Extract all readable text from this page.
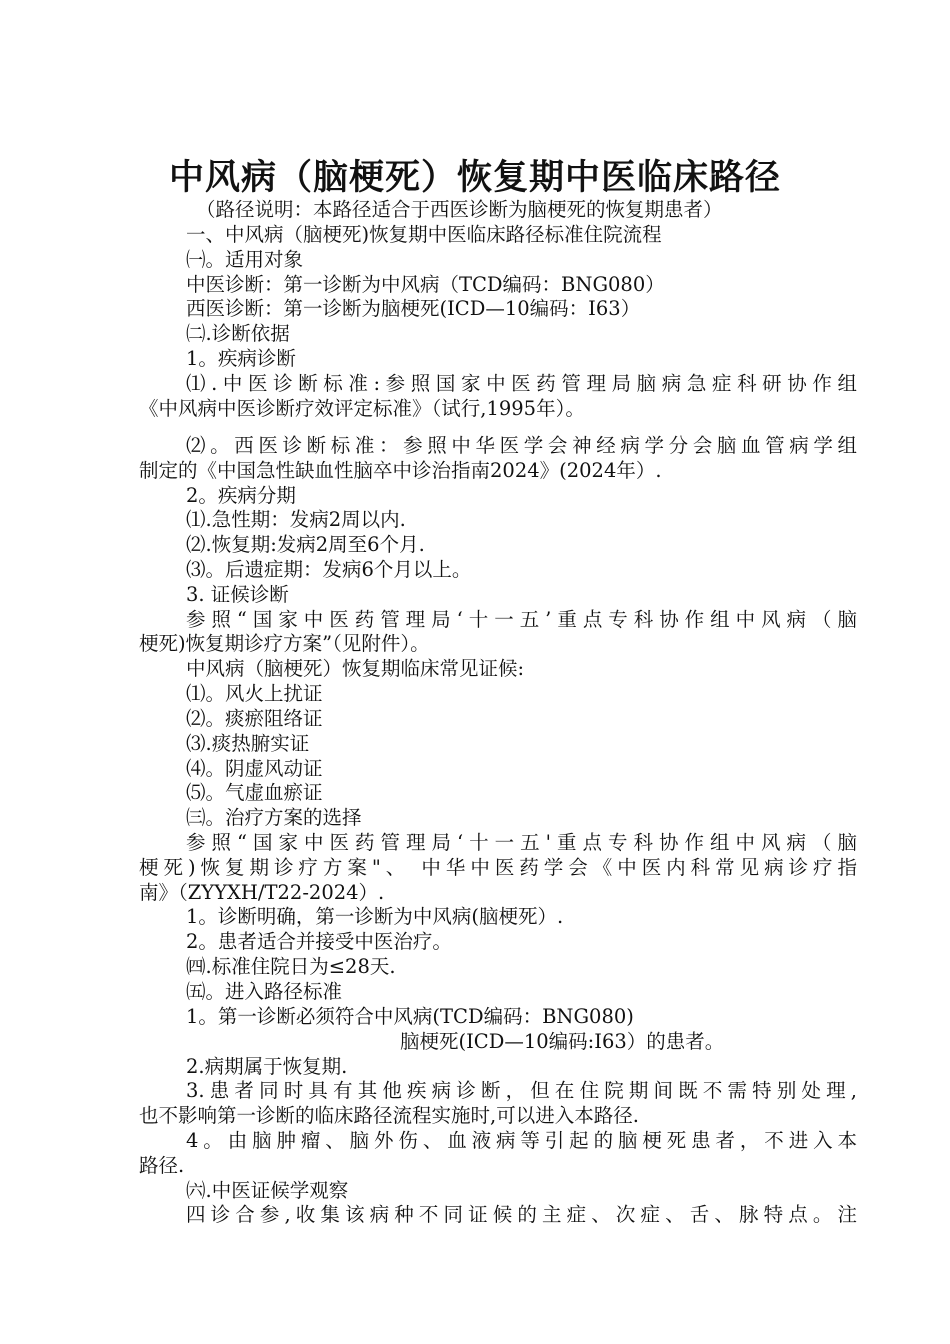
中风病（脑梗死）恢复期中医临床路径
（路径说明：本路径适合于西医诊断为脑梗死的恢复期患者）
一、中风病（脑梗死)恢复期中医临床路径标准住院流程
㈠。适用对象
中医诊断：第一诊断为中风病（TCD编码：BNG080）
西医诊断：第一诊断为脑梗死(ICD—10编码：I63）
㈡.诊断依据
1。疾病诊断
⑴.中医诊断标准:参照国家中医药管理局脑病急症科研协作组
《中风病中医诊断疗效评定标准》（试行,1995年）。
⑵。西医诊断标准：参照中华医学会神经病学分会脑血管病学组
制定的《中国急性缺血性脑卒中诊治指南2024》(2024年）.
2。疾病分期
⑴.急性期：发病2周以内.
⑵.恢复期:发病2周至6个月.
⑶。后遗症期：发病6个月以上。
3. 证候诊断
参照“国家中医药管理局‘十一五’重点专科协作组中风病（脑
梗死)恢复期诊疗方案”（见附件）。
中风病（脑梗死）恢复期临床常见证候:
⑴。风火上扰证
⑵。痰瘀阻络证
⑶.痰热腑实证
⑷。阴虚风动证
⑸。气虚血瘀证
㈢。治疗方案的选择
参照“国家中医药管理局‘十一五'重点专科协作组中风病（脑
梗死)恢复期诊疗方案"、 中华中医药学会《中医内科常见病诊疗指
南》（ZYYXH/T22-2024）.
1。诊断明确，第一诊断为中风病(脑梗死）.
2。患者适合并接受中医治疗。
㈣.标准住院日为≤28天.
㈤。进入路径标准
1。第一诊断必须符合中风病(TCD编码：BNG080)
脑梗死(ICD—10编码:I63）的患者。
2.病期属于恢复期.
3.患者同时具有其他疾病诊断，但在住院期间既不需特别处理,
也不影响第一诊断的临床路径流程实施时,可以进入本路径.
4。由脑肿瘤、脑外伤、血液病等引起的脑梗死患者，不进入本
路径.
㈥.中医证候学观察
四诊合参,收集该病种不同证候的主症、次症、舌、脉特点。注
